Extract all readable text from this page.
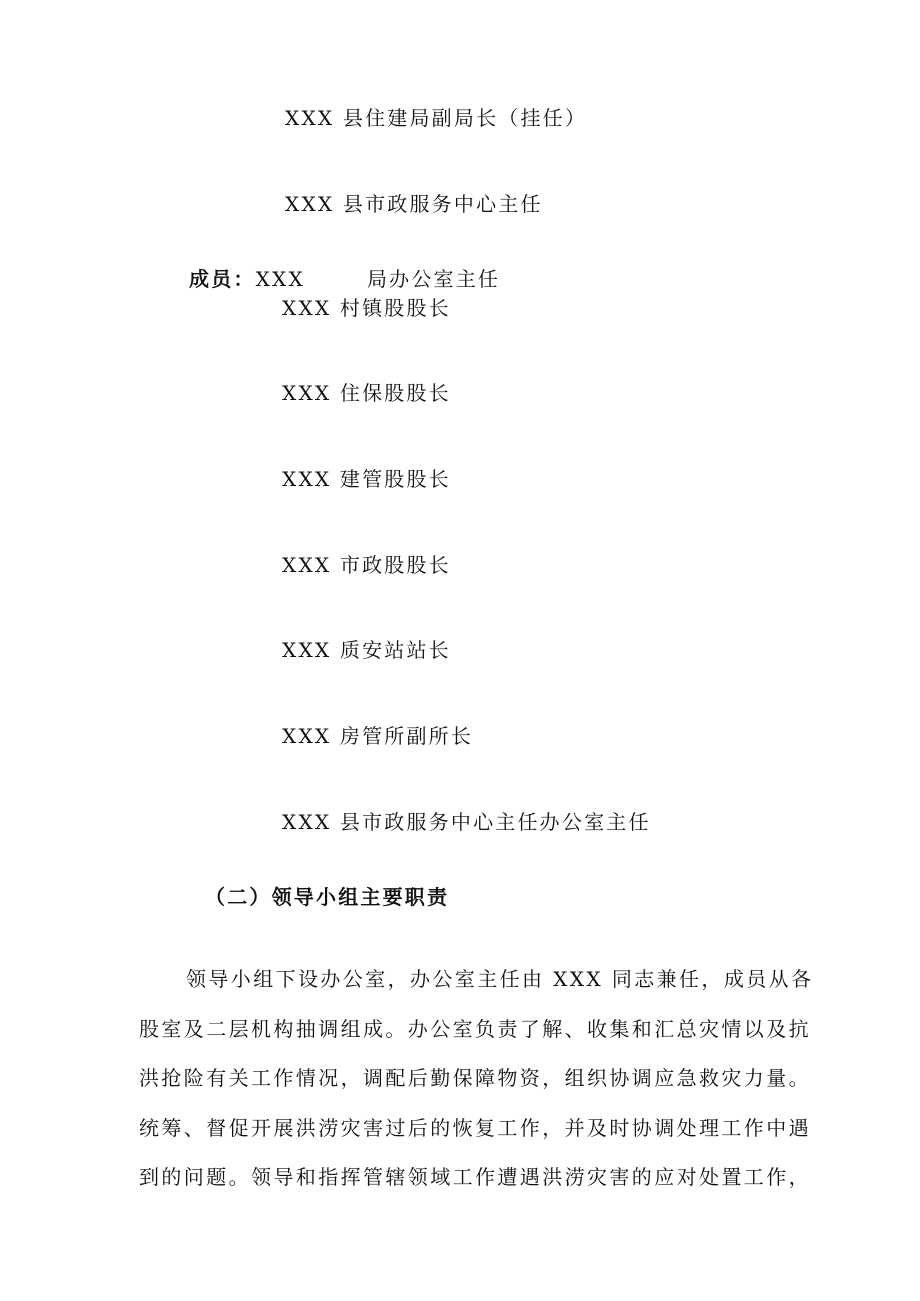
XXX 县住建局副局长（挂任）
XXX 县市政服务中心主任
成员：XXX	局办公室主任
XXX 村镇股股长
XXX 住保股股长
XXX 建管股股长
XXX 市政股股长
XXX 质安站站长
XXX 房管所副所长
XXX 县市政服务中心主任办公室主任
（二）领导小组主要职责
领导小组下设办公室，办公室主任由 XXX 同志兼任，成员从各
股室及二层机构抽调组成。办公室负责了解、收集和汇总灾情以及抗
洪抢险有关工作情况，调配后勤保障物资，组织协调应急救灾力量。
统筹、督促开展洪涝灾害过后的恢复工作，并及时协调处理工作中遇
到的问题。领导和指挥管辖领域工作遭遇洪涝灾害的应对处置工作，
